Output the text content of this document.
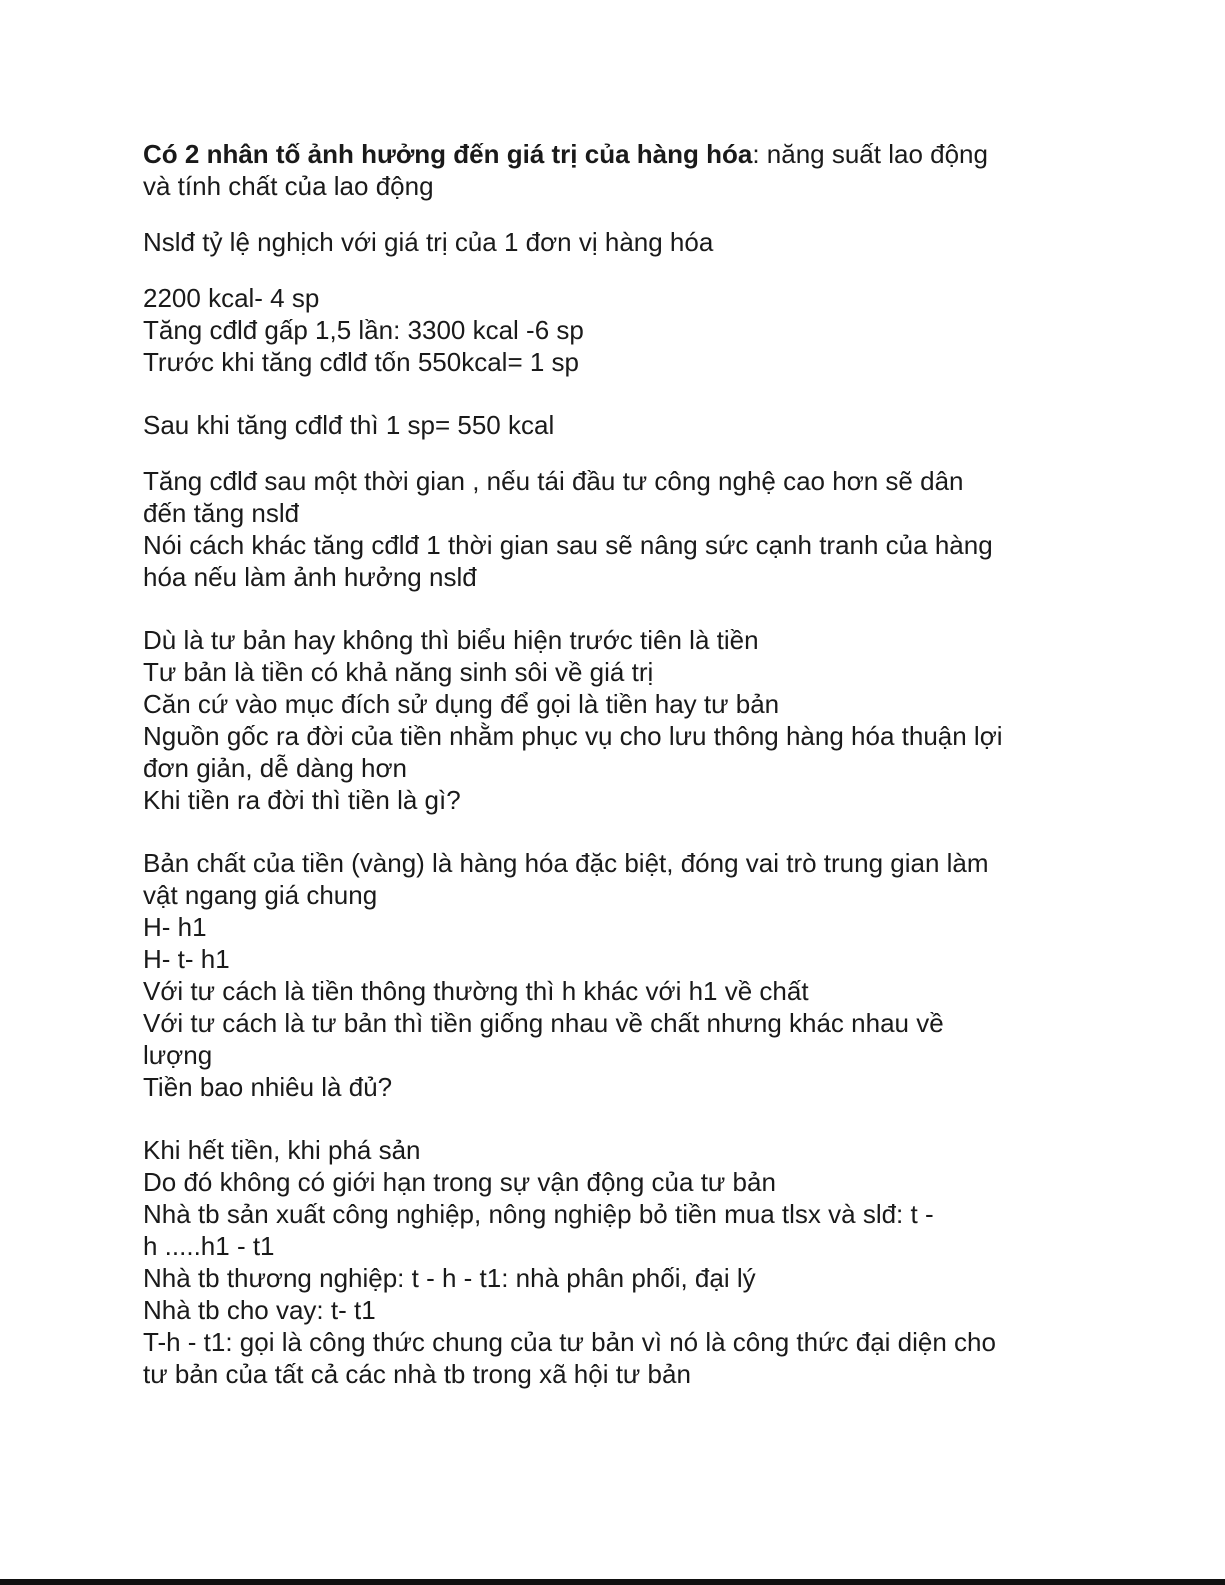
Có 2 nhân tố ảnh hưởng đến giá trị của hàng hóa: năng suất lao động
và tính chất của lao động
Nslđ tỷ lệ nghịch với giá trị của 1 đơn vị hàng hóa
2200 kcal- 4 sp
Tăng cđlđ gấp 1,5 lần: 3300 kcal -6 sp
Trước khi tăng cđlđ tốn 550kcal= 1 sp
Sau khi tăng cđlđ thì 1 sp= 550 kcal
Tăng cđlđ sau một thời gian , nếu tái đầu tư công nghệ cao hơn sẽ dân
đến tăng nslđ
Nói cách khác tăng cđlđ 1 thời gian sau sẽ nâng sức cạnh tranh của hàng
hóa nếu làm ảnh hưởng nslđ
Dù là tư bản hay không thì biểu hiện trước tiên là tiền
Tư bản là tiền có khả năng sinh sôi về giá trị
Căn cứ vào mục đích sử dụng để gọi là tiền hay tư bản
Nguồn gốc ra đời của tiền nhằm phục vụ cho lưu thông hàng hóa thuận lợi
đơn giản, dễ dàng hơn
Khi tiền ra đời thì tiền là gì?
Bản chất của tiền (vàng) là hàng hóa đặc biệt, đóng vai trò trung gian làm
vật ngang giá chung
H- h1
H- t- h1
Với tư cách là tiền thông thường thì h khác với h1 về chất
Với tư cách là tư bản thì tiền giống nhau về chất nhưng khác nhau về
lượng
Tiền bao nhiêu là đủ?
Khi hết tiền, khi phá sản
Do đó không có giới hạn trong sự vận động của tư bản
Nhà tb sản xuất công nghiệp, nông nghiệp bỏ tiền mua tlsx và slđ: t -
h .....h1 - t1
Nhà tb thương nghiệp: t - h - t1: nhà phân phối, đại lý
Nhà tb cho vay: t- t1
T-h - t1: gọi là công thức chung của tư bản vì nó là công thức đại diện cho
tư bản của tất cả các nhà tb trong xã hội tư bản
